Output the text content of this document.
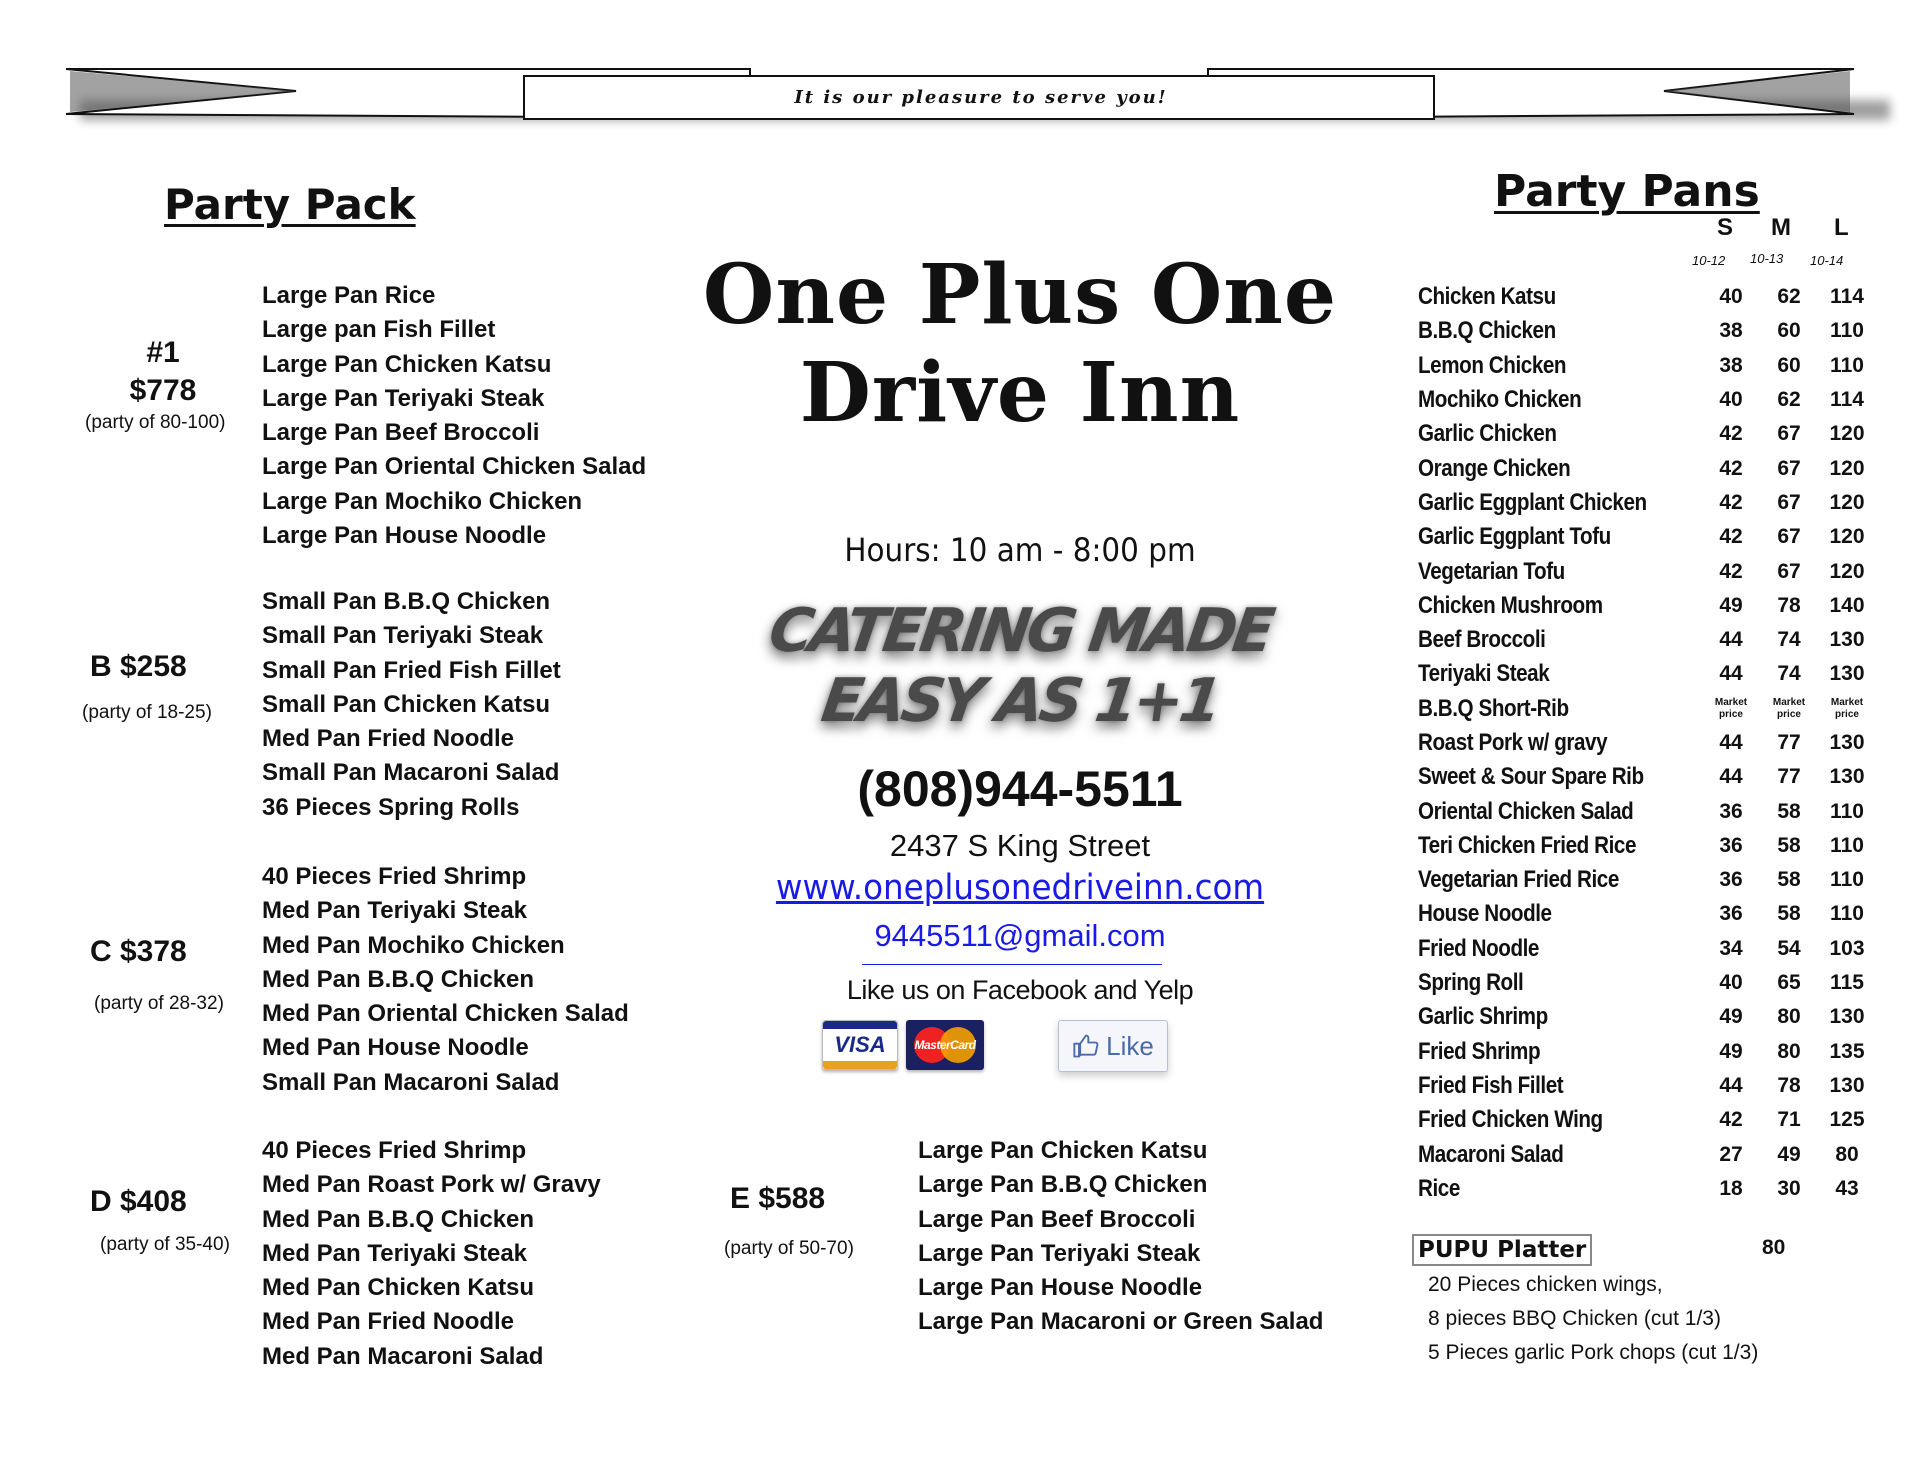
It is our pleasure to serve you!
Party Pack
#1
$778
(party of 80-100)
Large Pan Rice
Large pan Fish Fillet
Large Pan Chicken Katsu
Large Pan Teriyaki Steak
Large Pan Beef Broccoli
Large Pan Oriental Chicken Salad
Large Pan Mochiko Chicken
Large Pan House Noodle
B $258
(party of 18-25)
Small Pan B.B.Q Chicken
Small Pan Teriyaki Steak
Small Pan Fried Fish Fillet
Small Pan Chicken Katsu
Med Pan Fried Noodle
Small Pan Macaroni Salad
36 Pieces Spring Rolls
C $378
(party of 28-32)
40 Pieces Fried Shrimp
Med Pan Teriyaki Steak
Med Pan Mochiko Chicken
Med Pan B.B.Q Chicken
Med Pan Oriental Chicken Salad
Med Pan House Noodle
Small Pan Macaroni Salad
D $408
(party of 35-40)
40 Pieces Fried Shrimp
Med Pan Roast Pork w/ Gravy
Med Pan B.B.Q Chicken
Med Pan Teriyaki Steak
Med Pan Chicken Katsu
Med Pan Fried Noodle
Med Pan Macaroni Salad
E $588
(party of 50-70)
Large Pan Chicken Katsu
Large Pan B.B.Q Chicken
Large Pan Beef Broccoli
Large Pan Teriyaki Steak
Large Pan House Noodle
Large Pan Macaroni or Green Salad
One Plus One
Drive Inn
Hours: 10 am - 8:00 pm
CATERING MADE
EASY AS 1+1
(808)944-5511
2437 S King Street
www.oneplusonedriveinn.com
9445511@gmail.com
Like us on Facebook and Yelp
VISA MasterCard	Like
Party Pans
S M L
10-12 10-13 10-14
Chicken Katsu	40	62	114
B.B.Q Chicken	38	60	110
Lemon Chicken	38	60	110
Mochiko Chicken	40	62	114
Garlic Chicken	42	67	120
Orange Chicken	42	67	120
Garlic Eggplant Chicken	42	67	120
Garlic Eggplant Tofu	42	67	120
Vegetarian Tofu	42	67	120
Chicken Mushroom	49	78	140
Beef Broccoli	44	74	130
Teriyaki Steak	44	74	130
B.B.Q Short-Rib	Market price	Market price	Market price
Roast Pork w/ gravy	44	77	130
Sweet & Sour Spare Rib	44	77	130
Oriental Chicken Salad	36	58	110
Teri Chicken Fried Rice	36	58	110
Vegetarian Fried Rice	36	58	110
House Noodle	36	58	110
Fried Noodle	34	54	103
Spring Roll	40	65	115
Garlic Shrimp	49	80	130
Fried Shrimp	49	80	135
Fried Fish Fillet	44	78	130
Fried Chicken Wing	42	71	125
Macaroni Salad	27	49	80
Rice	18	30	43
PUPU Platter	80
20 Pieces chicken wings,
8 pieces BBQ Chicken (cut 1/3)
5 Pieces garlic Pork chops (cut 1/3)
